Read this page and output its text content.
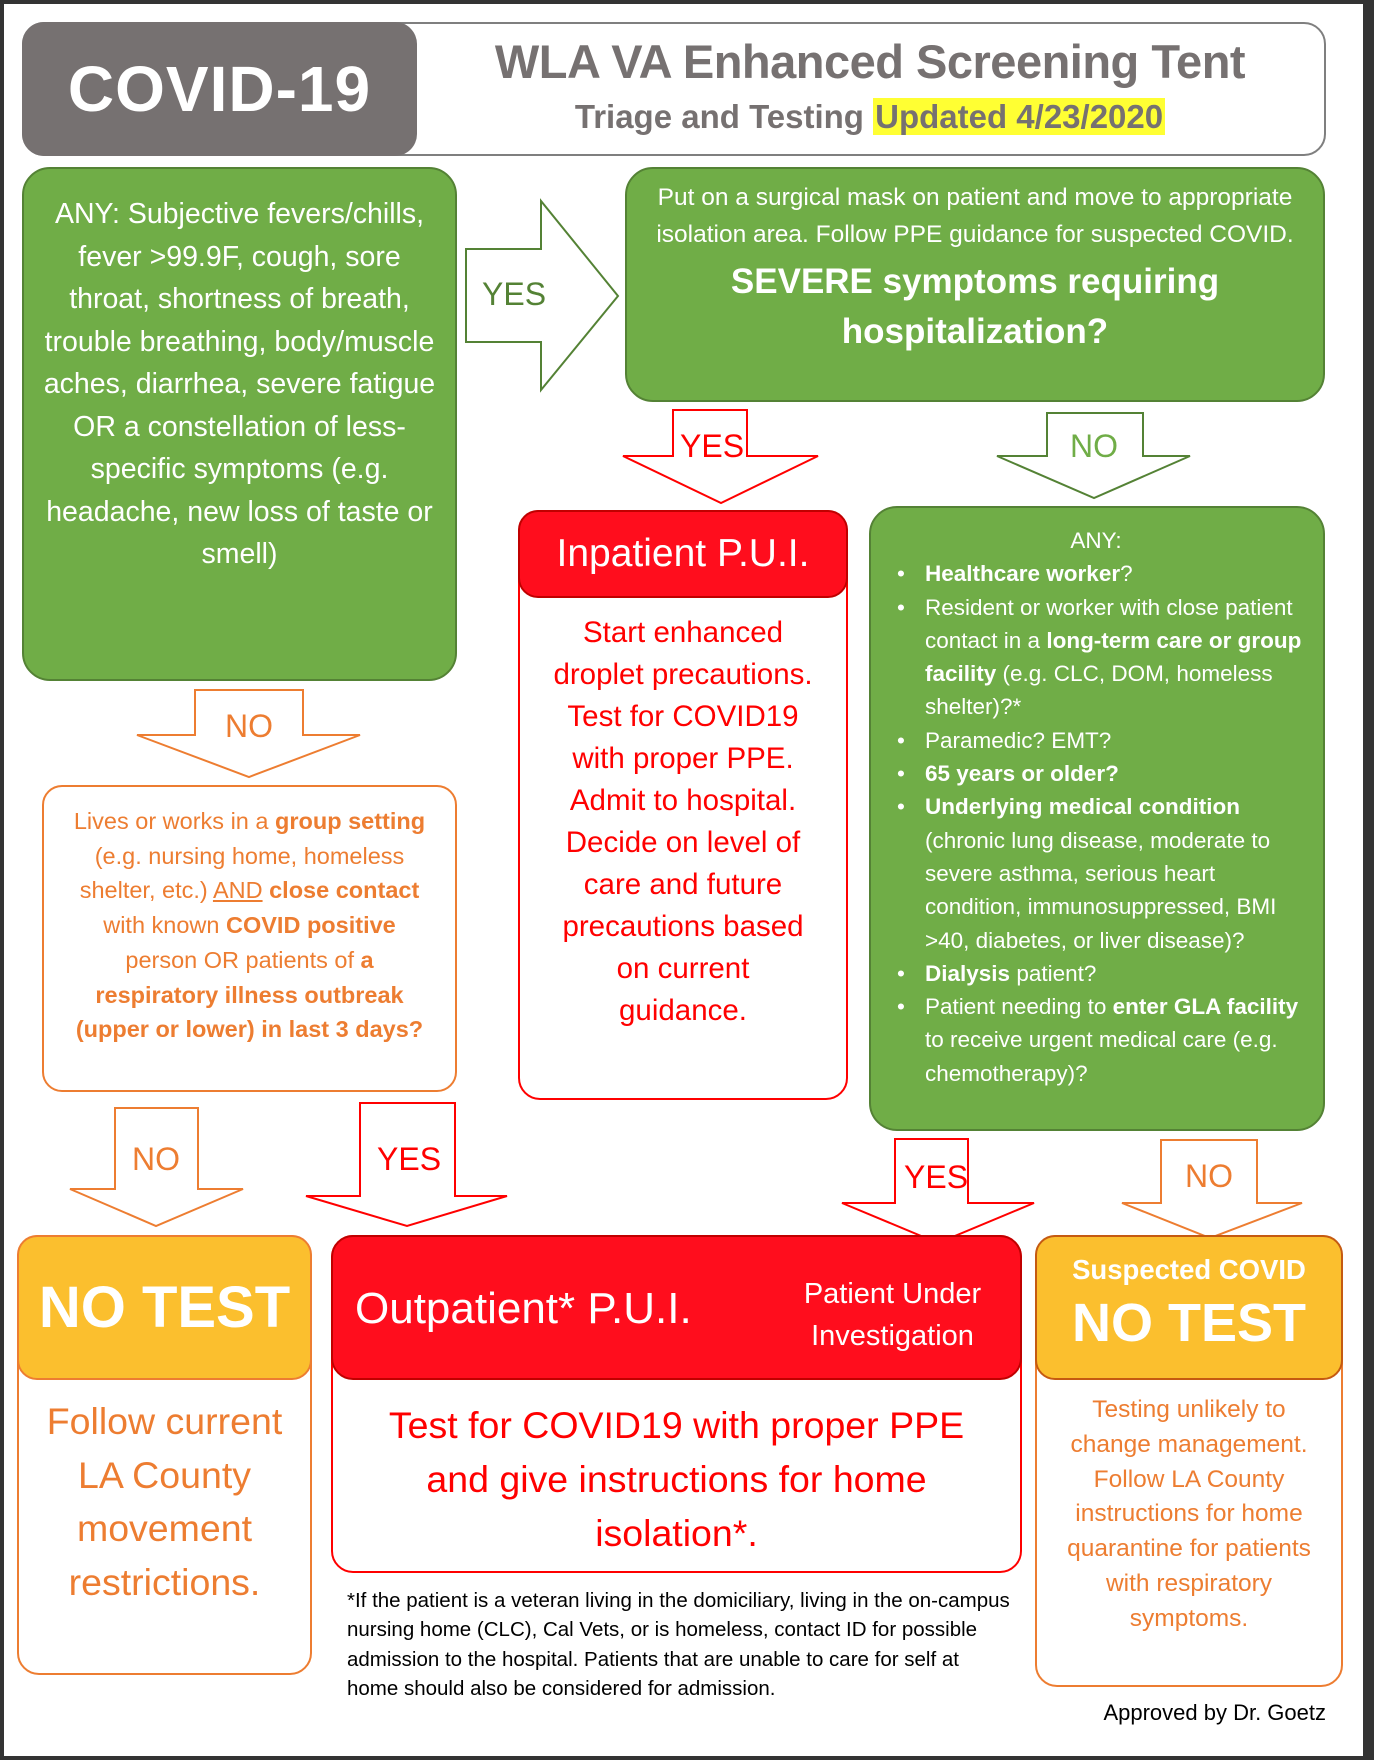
COVID-19	WLA VA Enhanced Screening Tent
Triage and Testing Updated 4/23/2020
ANY: Subjective fevers/chills, fever >99.9F, cough, sore throat, shortness of breath, trouble breathing, body/muscle aches, diarrhea, severe fatigue OR a constellation of less-specific symptoms (e.g. headache, new loss of taste or smell)
YES
Put on a surgical mask on patient and move to appropriate isolation area. Follow PPE guidance for suspected COVID.
SEVERE symptoms requiring hospitalization?
YES	NO
Inpatient P.U.I.
Start enhanced droplet precautions. Test for COVID19 with proper PPE. Admit to hospital. Decide on level of care and future precautions based on current guidance.
ANY:
• Healthcare worker?
• Resident or worker with close patient contact in a long-term care or group facility (e.g. CLC, DOM, homeless shelter)?*
• Paramedic? EMT?
• 65 years or older?
• Underlying medical condition (chronic lung disease, moderate to severe asthma, serious heart condition, immunosuppressed, BMI >40, diabetes, or liver disease)?
• Dialysis patient?
• Patient needing to enter GLA facility to receive urgent medical care (e.g. chemotherapy)?
NO
Lives or works in a group setting (e.g. nursing home, homeless shelter, etc.) AND close contact with known COVID positive person OR patients of a respiratory illness outbreak (upper or lower) in last 3 days?
NO	YES	YES	NO
NO TEST
Follow current LA County movement restrictions.
Outpatient* P.U.I.	Patient Under Investigation
Test for COVID19 with proper PPE and give instructions for home isolation*.
Suspected COVID
NO TEST
Testing unlikely to change management. Follow LA County instructions for home quarantine for patients with respiratory symptoms.
*If the patient is a veteran living in the domiciliary, living in the on-campus nursing home (CLC), Cal Vets, or is homeless, contact ID for possible admission to the hospital. Patients that are unable to care for self at home should also be considered for admission.
Approved by Dr. Goetz
